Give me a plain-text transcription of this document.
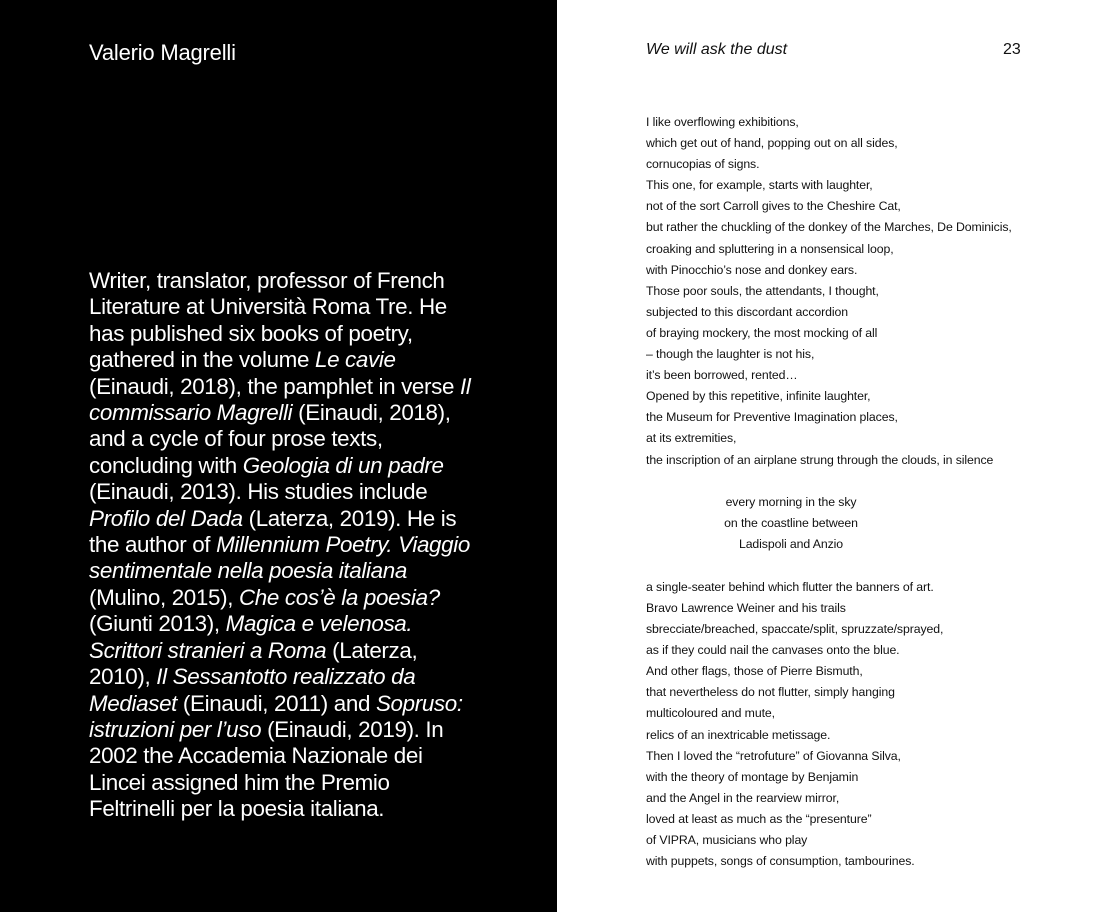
Valerio Magrelli

Writer, translator, professor of French Literature at Università Roma Tre. He has published six books of poetry, gathered in the volume Le cavie (Einaudi, 2018), the pamphlet in verse Il commissario Magrelli (Einaudi, 2018), and a cycle of four prose texts, concluding with Geologia di un padre (Einaudi, 2013). His studies include Profilo del Dada (Laterza, 2019). He is the author of Millennium Poetry. Viaggio sentimentale nella poesia italiana (Mulino, 2015), Che cos’è la poesia? (Giunti 2013), Magica e velenosa. Scrittori stranieri a Roma (Laterza, 2010), Il Sessantotto realizzato da Mediaset (Einaudi, 2011) and Sopruso: istruzioni per l’uso (Einaudi, 2019). In 2002 the Accademia Nazionale dei Lincei assigned him the Premio Feltrinelli per la poesia italiana.

We will ask the dust	23

I like overflowing exhibitions,
which get out of hand, popping out on all sides,
cornucopias of signs.
This one, for example, starts with laughter,
not of the sort Carroll gives to the Cheshire Cat,
but rather the chuckling of the donkey of the Marches, De Dominicis,
croaking and spluttering in a nonsensical loop,
with Pinocchio’s nose and donkey ears.
Those poor souls, the attendants, I thought,
subjected to this discordant accordion
of braying mockery, the most mocking of all
– though the laughter is not his,
it’s been borrowed, rented…
Opened by this repetitive, infinite laughter,
the Museum for Preventive Imagination places,
at its extremities,
the inscription of an airplane strung through the clouds, in silence

every morning in the sky
on the coastline between
Ladispoli and Anzio

a single-seater behind which flutter the banners of art.
Bravo Lawrence Weiner and his trails
sbrecciate/breached, spaccate/split, spruzzate/sprayed,
as if they could nail the canvases onto the blue.
And other flags, those of Pierre Bismuth,
that nevertheless do not flutter, simply hanging
multicoloured and mute,
relics of an inextricable metissage.
Then I loved the “retrofuture” of Giovanna Silva,
with the theory of montage by Benjamin
and the Angel in the rearview mirror,
loved at least as much as the “presenture”
of VIPRA, musicians who play
with puppets, songs of consumption, tambourines.
